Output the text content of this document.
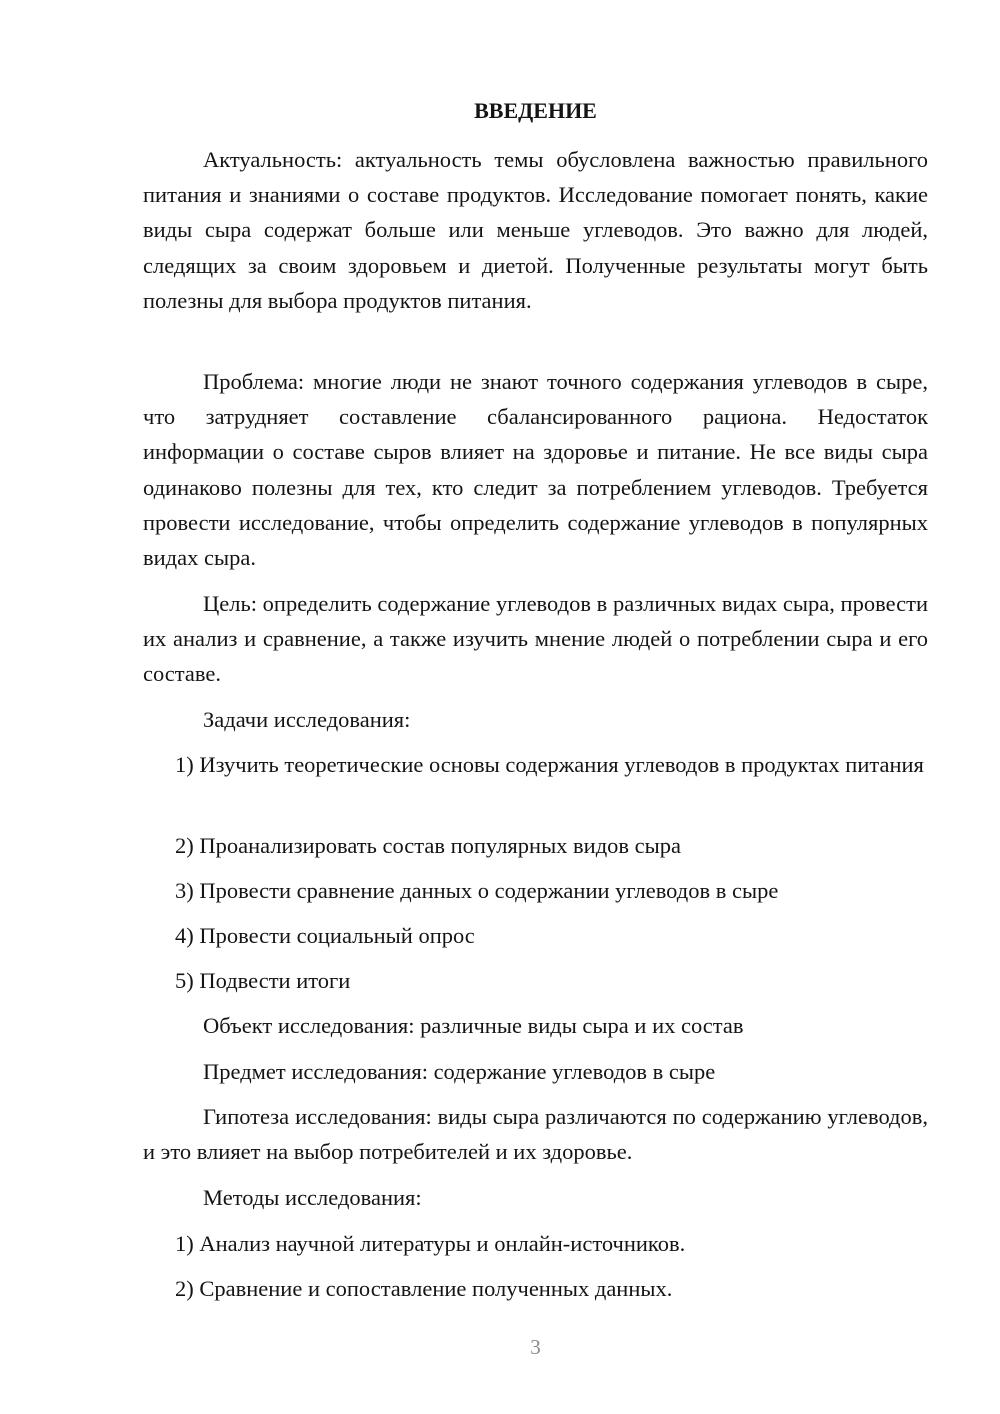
ВВЕДЕНИЕ

Актуальность: актуальность темы обусловлена важностью правильного питания и знаниями о составе продуктов. Исследование помогает понять, какие виды сыра содержат больше или меньше углеводов. Это важно для людей, следящих за своим здоровьем и диетой. Полученные результаты могут быть полезны для выбора продуктов питания.

Проблема: многие люди не знают точного содержания углеводов в сыре, что затрудняет составление сбалансированного рациона. Недостаток информации о составе сыров влияет на здоровье и питание. Не все виды сыра одинаково полезны для тех, кто следит за потреблением углеводов. Требуется провести исследование, чтобы определить содержание углеводов в популярных видах сыра.

Цель: определить содержание углеводов в различных видах сыра, провести их анализ и сравнение, а также изучить мнение людей о потреблении сыра и его составе.

Задачи исследования:

1) Изучить теоретические основы содержания углеводов в продуктах питания

2) Проанализировать состав популярных видов сыра

3) Провести сравнение данных о содержании углеводов в сыре

4) Провести социальный опрос

5) Подвести итоги

Объект исследования: различные виды сыра и их состав

Предмет исследования: содержание углеводов в сыре

Гипотеза исследования: виды сыра различаются по содержанию углеводов, и это влияет на выбор потребителей и их здоровье.

Методы исследования:

1) Анализ научной литературы и онлайн-источников.

2) Сравнение и сопоставление полученных данных.

3
